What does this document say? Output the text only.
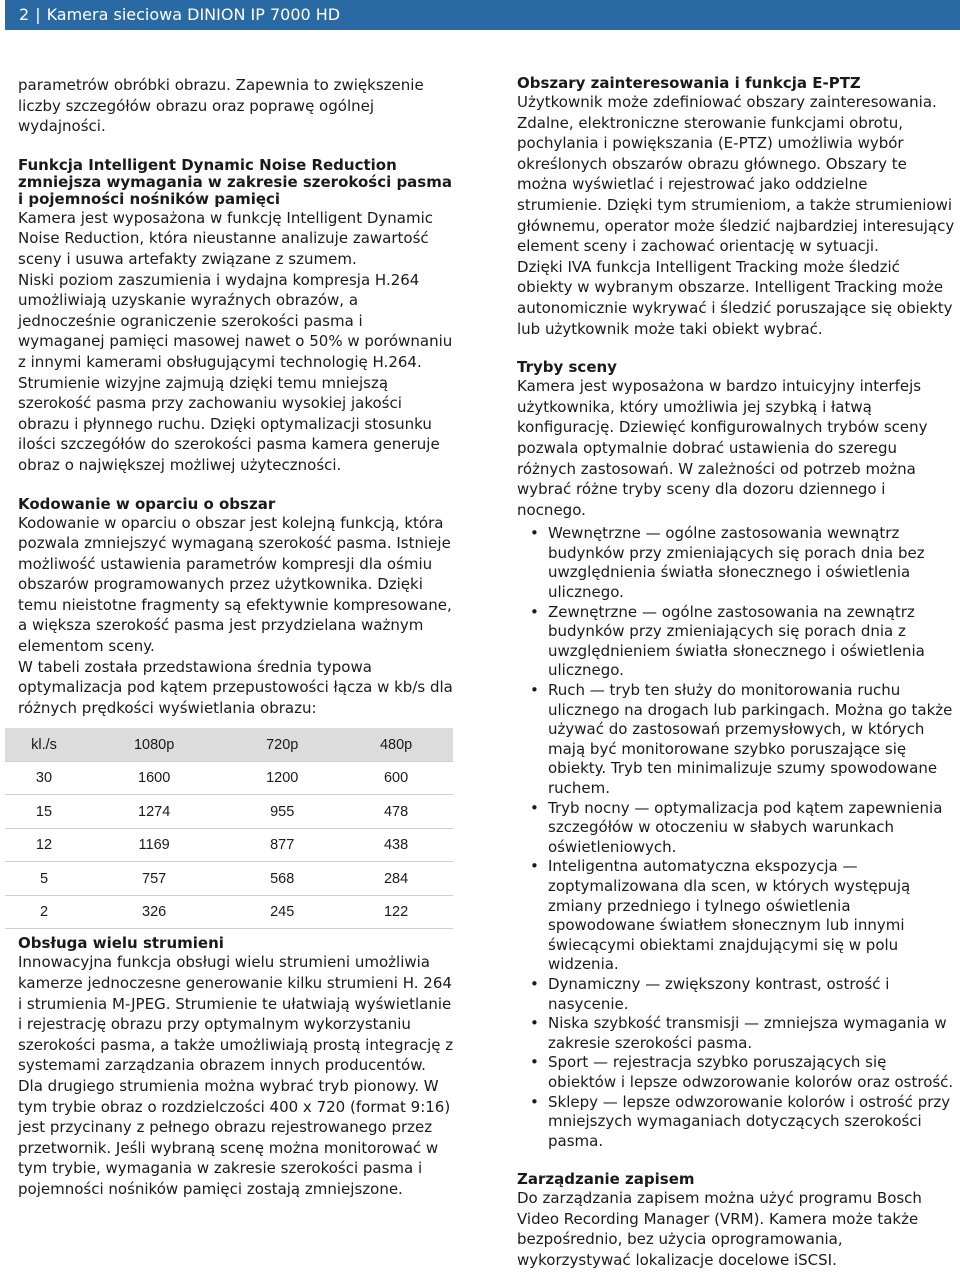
2 | Kamera sieciowa DINION IP 7000 HD

parametrów obróbki obrazu. Zapewnia to zwiększenie liczby szczegółów obrazu oraz poprawę ogólnej wydajności.

Funkcja Intelligent Dynamic Noise Reduction zmniejsza wymagania w zakresie szerokości pasma i pojemności nośników pamięci

Kamera jest wyposażona w funkcję Intelligent Dynamic Noise Reduction, która nieustanne analizuje zawartość sceny i usuwa artefakty związane z szumem.

Niski poziom zaszumienia i wydajna kompresja H.264 umożliwiają uzyskanie wyraźnych obrazów, a jednocześnie ograniczenie szerokości pasma i wymaganej pamięci masowej nawet o 50% w porównaniu z innymi kamerami obsługującymi technologię H.264. Strumienie wizyjne zajmują dzięki temu mniejszą szerokość pasma przy zachowaniu wysokiej jakości obrazu i płynnego ruchu. Dzięki optymalizacji stosunku ilości szczegółów do szerokości pasma kamera generuje obraz o największej możliwej użyteczności.

Kodowanie w oparciu o obszar

Kodowanie w oparciu o obszar jest kolejną funkcją, która pozwala zmniejszyć wymaganą szerokość pasma. Istnieje możliwość ustawienia parametrów kompresji dla ośmiu obszarów programowanych przez użytkownika. Dzięki temu nieistotne fragmenty są efektywnie kompresowane, a większa szerokość pasma jest przydzielana ważnym elementom sceny.

W tabeli została przedstawiona średnia typowa optymalizacja pod kątem przepustowości łącza w kb/s dla różnych prędkości wyświetlania obrazu:

kl./s	1080p	720p	480p
30	1600	1200	600
15	1274	955	478
12	1169	877	438
5	757	568	284
2	326	245	122
Obsługa wielu strumieni

Innowacyjna funkcja obsługi wielu strumieni umożliwia kamerze jednoczesne generowanie kilku strumieni H. 264 i strumienia M-JPEG. Strumienie te ułatwiają wyświetlanie i rejestrację obrazu przy optymalnym wykorzystaniu szerokości pasma, a także umożliwiają prostą integrację z systemami zarządzania obrazem innych producentów.

Dla drugiego strumienia można wybrać tryb pionowy. W tym trybie obraz o rozdzielczości 400 x 720 (format 9:16) jest przycinany z pełnego obrazu rejestrowanego przez przetwornik. Jeśli wybraną scenę można monitorować w tym trybie, wymagania w zakresie szerokości pasma i pojemności nośników pamięci zostają zmniejszone.

Obszary zainteresowania i funkcja E-PTZ

Użytkownik może zdefiniować obszary zainteresowania. Zdalne, elektroniczne sterowanie funkcjami obrotu, pochylania i powiększania (E-PTZ) umożliwia wybór określonych obszarów obrazu głównego. Obszary te można wyświetlać i rejestrować jako oddzielne strumienie. Dzięki tym strumieniom, a także strumieniowi głównemu, operator może śledzić najbardziej interesujący element sceny i zachować orientację w sytuacji.

Dzięki IVA funkcja Intelligent Tracking może śledzić obiekty w wybranym obszarze. Intelligent Tracking może autonomicznie wykrywać i śledzić poruszające się obiekty lub użytkownik może taki obiekt wybrać.

Tryby sceny

Kamera jest wyposażona w bardzo intuicyjny interfejs użytkownika, który umożliwia jej szybką i łatwą konfigurację. Dziewięć konfigurowalnych trybów sceny pozwala optymalnie dobrać ustawienia do szeregu różnych zastosowań. W zależności od potrzeb można wybrać różne tryby sceny dla dozoru dziennego i nocnego.

• Wewnętrzne — ogólne zastosowania wewnątrz budynków przy zmieniających się porach dnia bez uwzględnienia światła słonecznego i oświetlenia ulicznego.
• Zewnętrzne — ogólne zastosowania na zewnątrz budynków przy zmieniających się porach dnia z uwzględnieniem światła słonecznego i oświetlenia ulicznego.
• Ruch — tryb ten służy do monitorowania ruchu ulicznego na drogach lub parkingach. Można go także używać do zastosowań przemysłowych, w których mają być monitorowane szybko poruszające się obiekty. Tryb ten minimalizuje szumy spowodowane ruchem.
• Tryb nocny — optymalizacja pod kątem zapewnienia szczegółów w otoczeniu w słabych warunkach oświetleniowych.
• Inteligentna automatyczna ekspozycja — zoptymalizowana dla scen, w których występują zmiany przedniego i tylnego oświetlenia spowodowane światłem słonecznym lub innymi świecącymi obiektami znajdującymi się w polu widzenia.
• Dynamiczny — zwiększony kontrast, ostrość i nasycenie.
• Niska szybkość transmisji — zmniejsza wymagania w zakresie szerokości pasma.
• Sport — rejestracja szybko poruszających się obiektów i lepsze odwzorowanie kolorów oraz ostrość.
• Sklepy — lepsze odwzorowanie kolorów i ostrość przy mniejszych wymaganiach dotyczących szerokości pasma.
Zarządzanie zapisem

Do zarządzania zapisem można użyć programu Bosch Video Recording Manager (VRM). Kamera może także bezpośrednio, bez użycia oprogramowania, wykorzystywać lokalizacje docelowe iSCSI.
